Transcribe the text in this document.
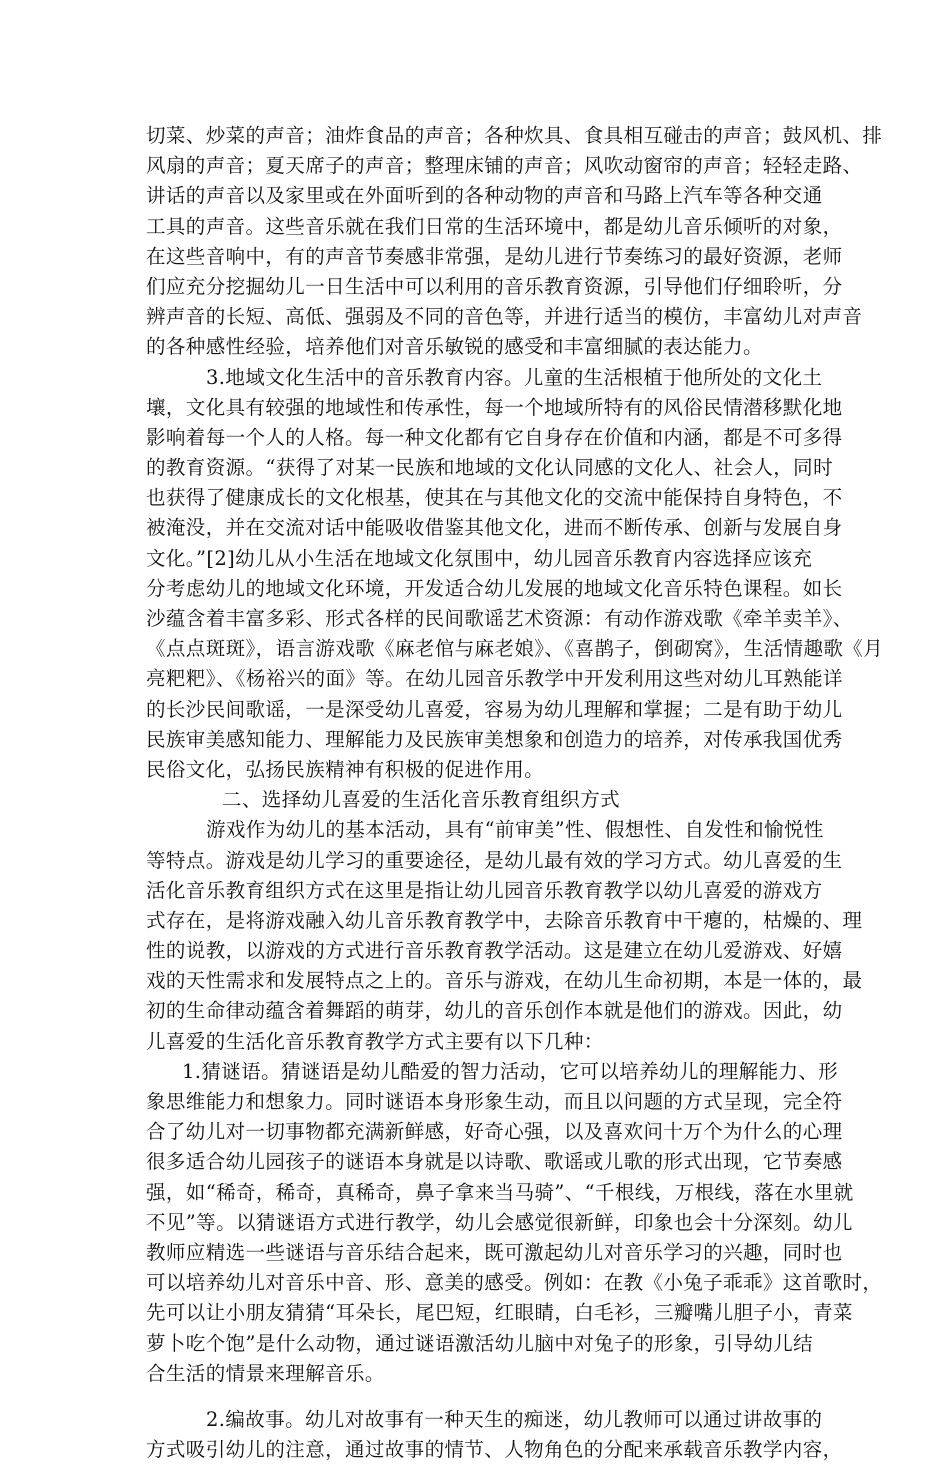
切菜、炒菜的声音；油炸食品的声音；各种炊具、食具相互碰击的声音；鼓风机、排
风扇的声音；夏天席子的声音；整理床铺的声音；风吹动窗帘的声音；轻轻走路、
讲话的声音以及家里或在外面听到的各种动物的声音和马路上汽车等各种交通
工具的声音。这些音乐就在我们日常的生活环境中，都是幼儿音乐倾听的对象，
在这些音响中，有的声音节奏感非常强，是幼儿进行节奏练习的最好资源，老师
们应充分挖掘幼儿一日生活中可以利用的音乐教育资源，引导他们仔细聆听，分
辨声音的长短、高低、强弱及不同的音色等，并进行适当的模仿，丰富幼儿对声音
的各种感性经验，培养他们对音乐敏锐的感受和丰富细腻的表达能力。
3.地域文化生活中的音乐教育内容。儿童的生活根植于他所处的文化土
壤，文化具有较强的地域性和传承性，每一个地域所特有的风俗民情潜移默化地
影响着每一个人的人格。每一种文化都有它自身存在价值和内涵，都是不可多得
的教育资源。“获得了对某一民族和地域的文化认同感的文化人、社会人，同时
也获得了健康成长的文化根基，使其在与其他文化的交流中能保持自身特色，不
被淹没，并在交流对话中能吸收借鉴其他文化，进而不断传承、创新与发展自身
文化。”[2]幼儿从小生活在地域文化氛围中，幼儿园音乐教育内容选择应该充
分考虑幼儿的地域文化环境，开发适合幼儿发展的地域文化音乐特色课程。如长
沙蕴含着丰富多彩、形式各样的民间歌谣艺术资源：有动作游戏歌《牵羊卖羊》、
《点点斑斑》，语言游戏歌《麻老倌与麻老娘》、《喜鹊子，倒砌窝》，生活情趣歌《月
亮粑粑》、《杨裕兴的面》等。在幼儿园音乐教学中开发利用这些对幼儿耳熟能详
的长沙民间歌谣，一是深受幼儿喜爱，容易为幼儿理解和掌握；二是有助于幼儿
民族审美感知能力、理解能力及民族审美想象和创造力的培养，对传承我国优秀
民俗文化，弘扬民族精神有积极的促进作用。
二、选择幼儿喜爱的生活化音乐教育组织方式
游戏作为幼儿的基本活动，具有“前审美”性、假想性、自发性和愉悦性
等特点。游戏是幼儿学习的重要途径，是幼儿最有效的学习方式。幼儿喜爱的生
活化音乐教育组织方式在这里是指让幼儿园音乐教育教学以幼儿喜爱的游戏方
式存在，是将游戏融入幼儿音乐教育教学中，去除音乐教育中干瘪的，枯燥的、理
性的说教，以游戏的方式进行音乐教育教学活动。这是建立在幼儿爱游戏、好嬉
戏的天性需求和发展特点之上的。音乐与游戏，在幼儿生命初期，本是一体的，最
初的生命律动蕴含着舞蹈的萌芽，幼儿的音乐创作本就是他们的游戏。因此，幼
儿喜爱的生活化音乐教育教学方式主要有以下几种：
1.猜谜语。猜谜语是幼儿酷爱的智力活动，它可以培养幼儿的理解能力、形
象思维能力和想象力。同时谜语本身形象生动，而且以问题的方式呈现，完全符
合了幼儿对一切事物都充满新鲜感，好奇心强，以及喜欢问十万个为什么的心理
很多适合幼儿园孩子的谜语本身就是以诗歌、歌谣或儿歌的形式出现，它节奏感
强，如“稀奇，稀奇，真稀奇，鼻子拿来当马骑”、“千根线，万根线，落在水里就
不见”等。以猜谜语方式进行教学，幼儿会感觉很新鲜，印象也会十分深刻。幼儿
教师应精选一些谜语与音乐结合起来，既可激起幼儿对音乐学习的兴趣，同时也
可以培养幼儿对音乐中音、形、意美的感受。例如：在教《小兔子乖乖》这首歌时，
先可以让小朋友猜猜“耳朵长，尾巴短，红眼睛，白毛衫，三瓣嘴儿胆子小，青菜
萝卜吃个饱”是什么动物，通过谜语激活幼儿脑中对兔子的形象，引导幼儿结
合生活的情景来理解音乐。
2.编故事。幼儿对故事有一种天生的痴迷，幼儿教师可以通过讲故事的
方式吸引幼儿的注意，通过故事的情节、人物角色的分配来承载音乐教学内容，
